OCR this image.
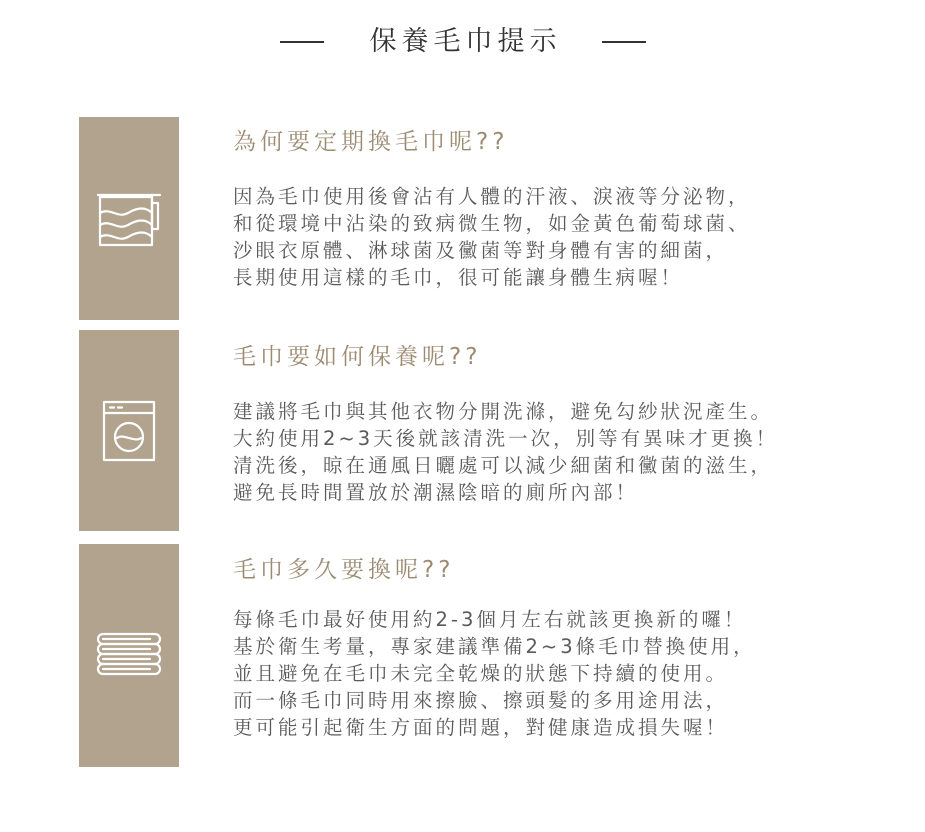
保養毛巾提示
為何要定期換毛巾呢??
因為毛巾使用後會沾有人體的汗液、淚液等分泌物，
和從環境中沾染的致病微生物，如金黃色葡萄球菌、
沙眼衣原體、淋球菌及黴菌等對身體有害的細菌，
長期使用這樣的毛巾，很可能讓身體生病喔！
毛巾要如何保養呢??
建議將毛巾與其他衣物分開洗滌，避免勾紗狀況產生。
大約使用2~3天後就該清洗一次，別等有異味才更換！
清洗後，晾在通風日曬處可以減少細菌和黴菌的滋生，
避免長時間置放於潮濕陰暗的廁所內部！
毛巾多久要換呢??
每條毛巾最好使用約2-3個月左右就該更換新的囉！
基於衛生考量，專家建議準備2~3條毛巾替換使用，
並且避免在毛巾未完全乾燥的狀態下持續的使用。
而一條毛巾同時用來擦臉、擦頭髮的多用途用法，
更可能引起衛生方面的問題，對健康造成損失喔！
